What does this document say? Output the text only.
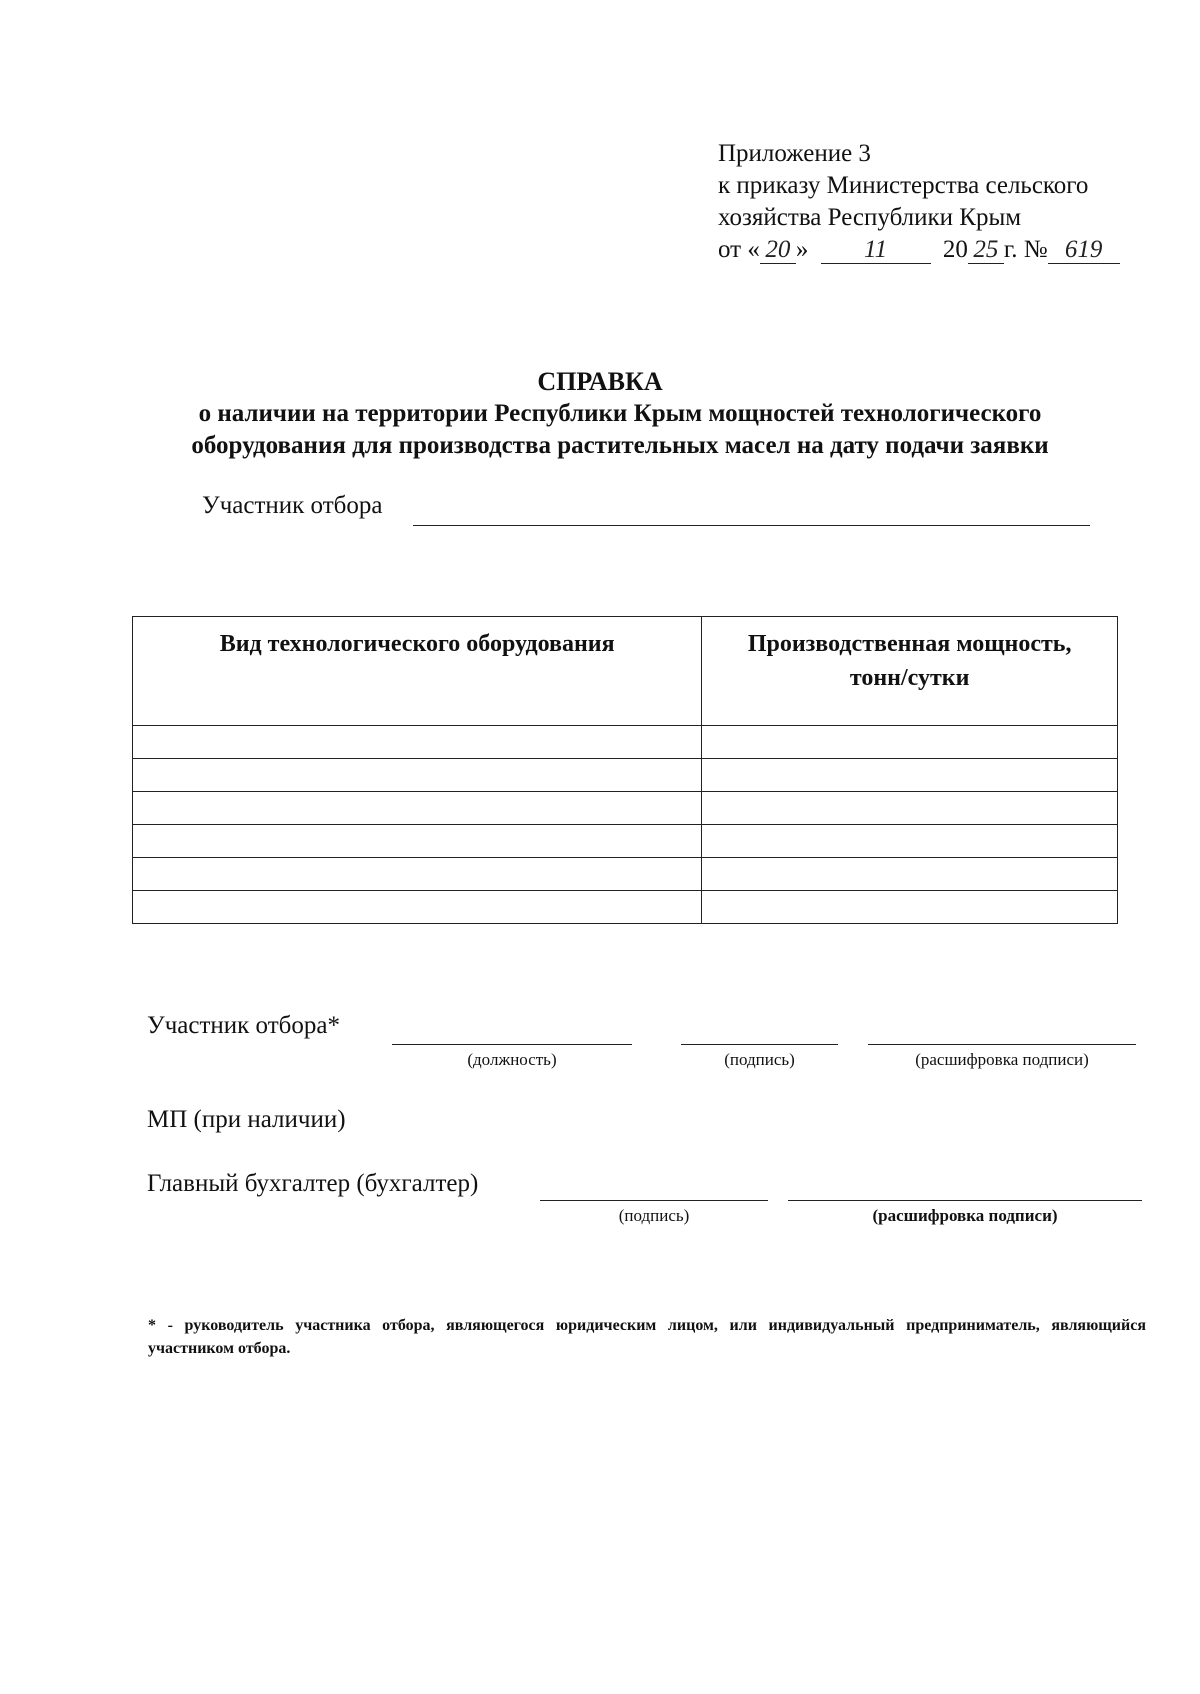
Приложение 3
к приказу Министерства сельского
хозяйства Республики Крым
от « 20 » 11 20 25 г. № 619
СПРАВКА
о наличии на территории Республики Крым мощностей технологического оборудования для производства растительных масел на дату подачи заявки
Участник отбора
Вид технологического оборудования	Производственная мощность, тонн/сутки

Участник отбора*
(должность)	(подпись)	(расшифровка подписи)
МП (при наличии)
Главный бухгалтер (бухгалтер)
(подпись)	(расшифровка подписи)
* - руководитель участника отбора, являющегося юридическим лицом, или индивидуальный предприниматель, являющийся участником отбора.
